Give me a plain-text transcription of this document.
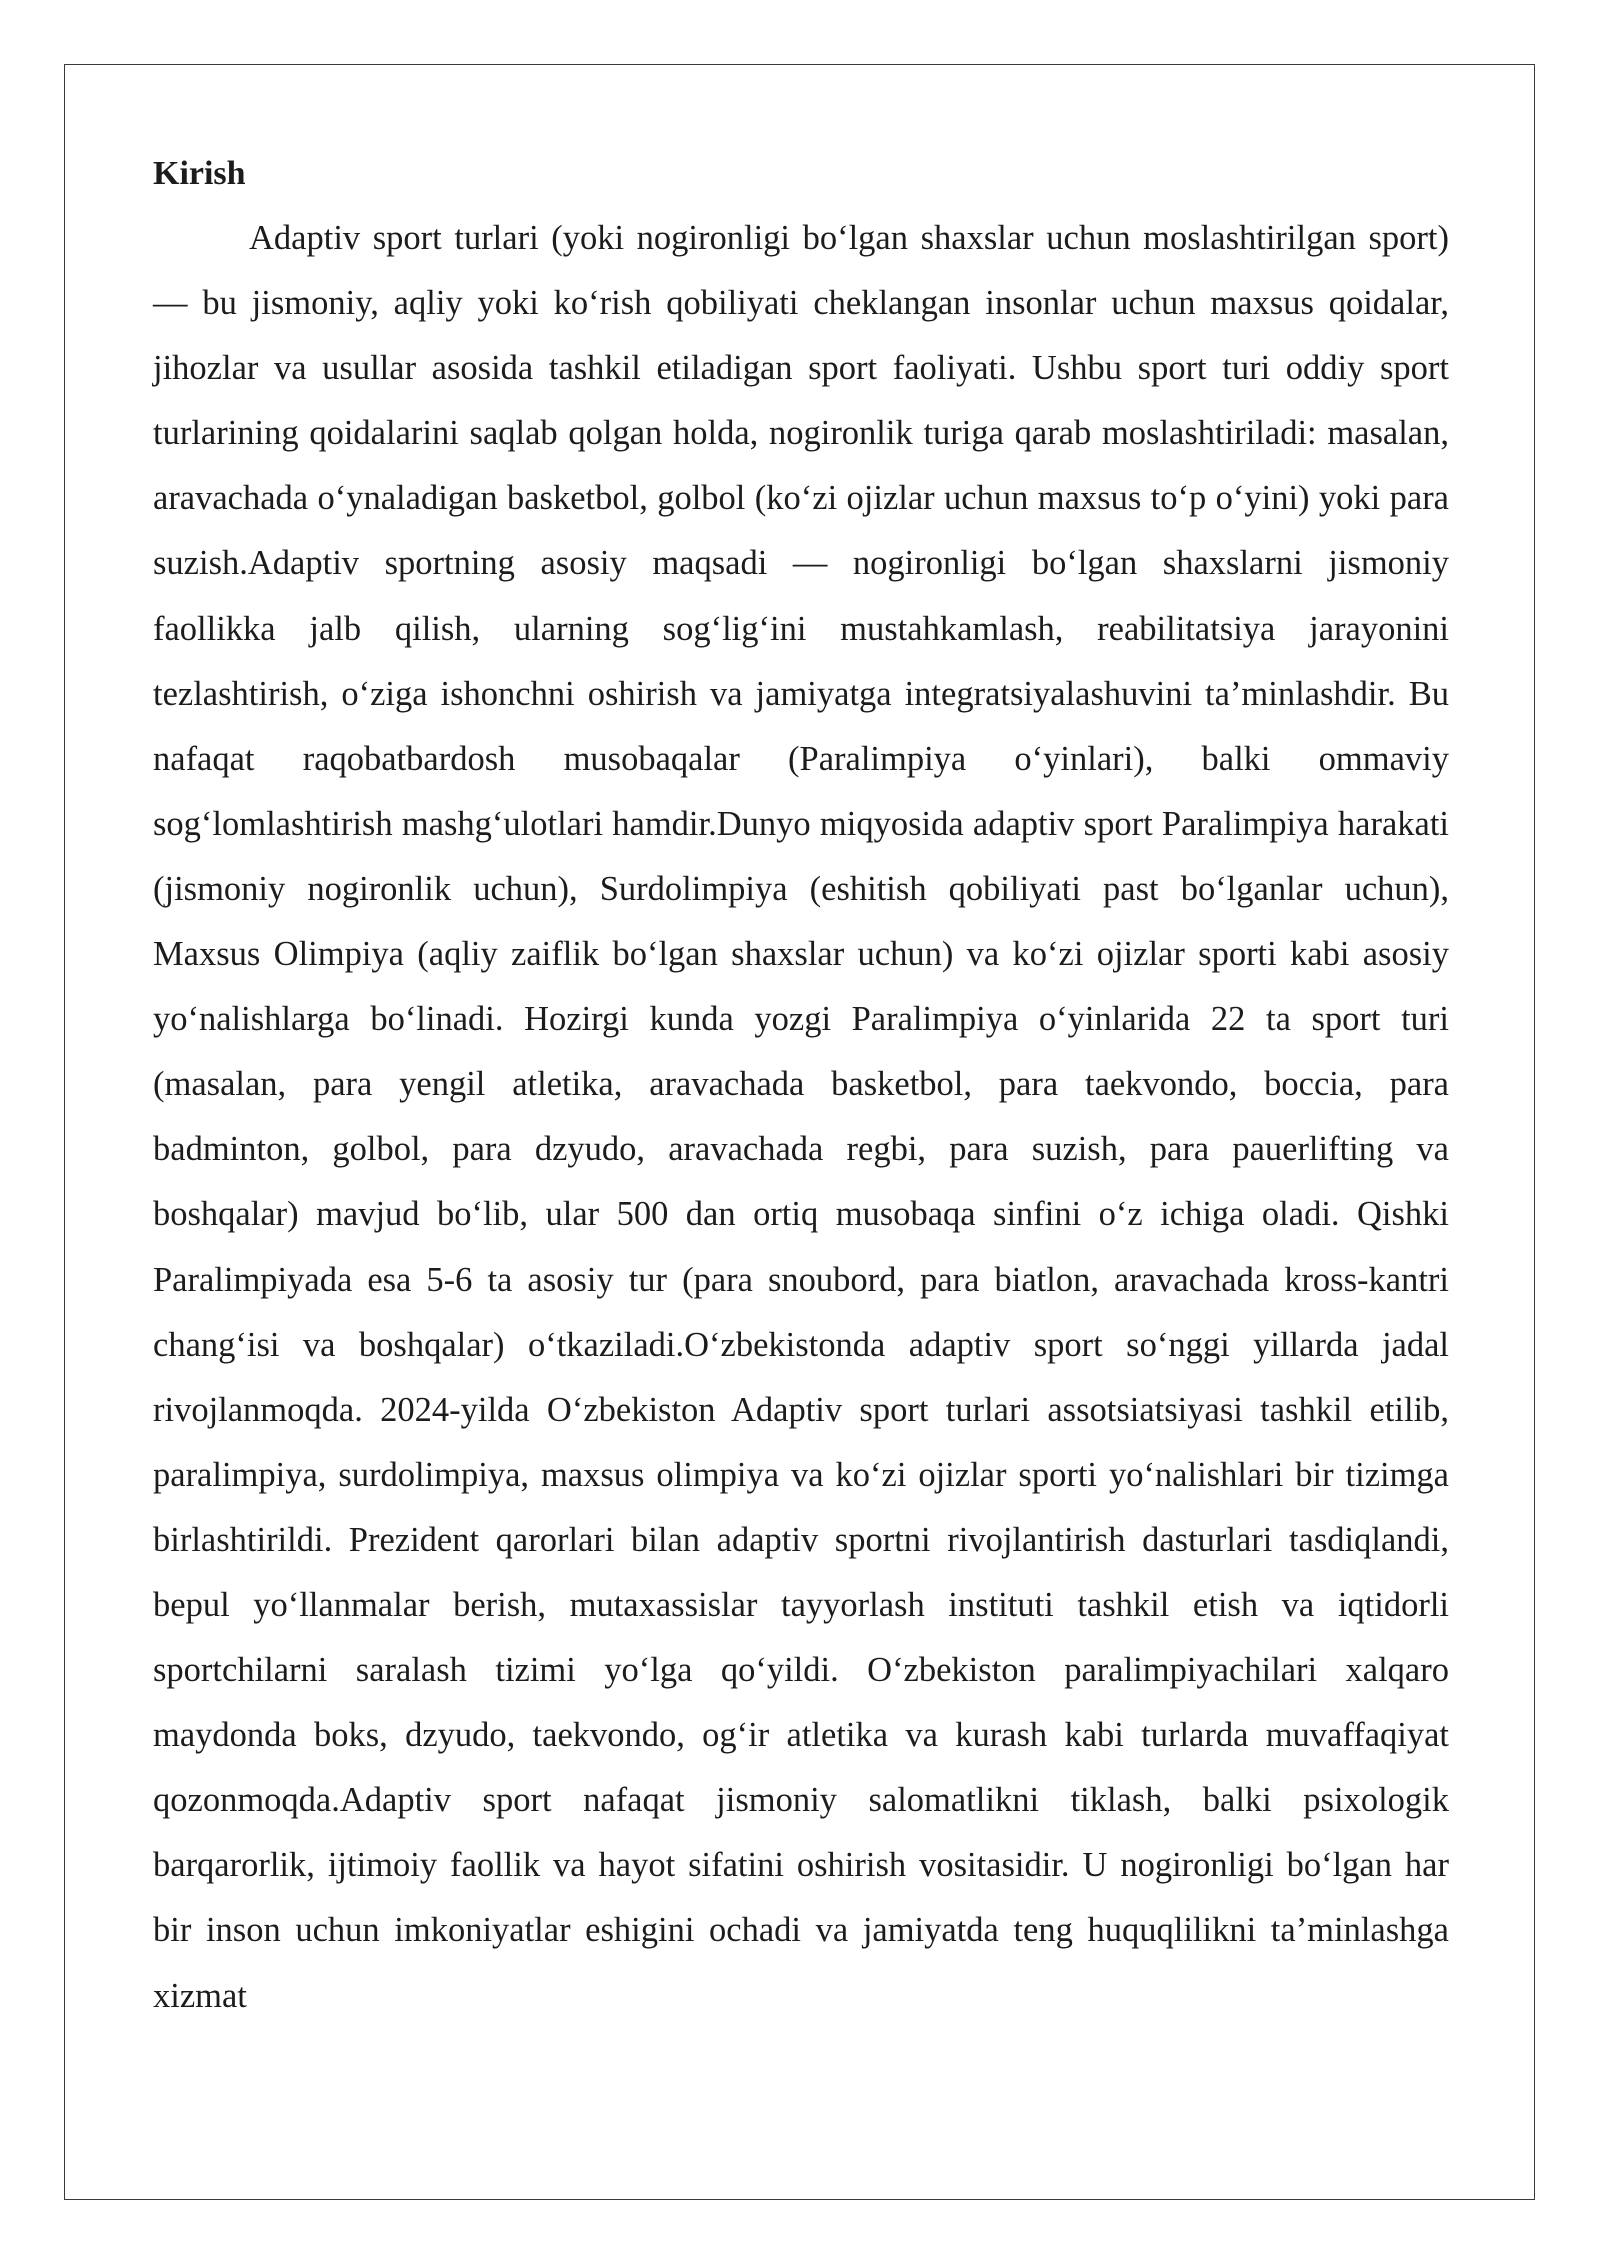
Kirish

Adaptiv sport turlari (yoki nogironligi boʻlgan shaxslar uchun moslashtirilgan sport) — bu jismoniy, aqliy yoki koʻrish qobiliyati cheklangan insonlar uchun maxsus qoidalar, jihozlar va usullar asosida tashkil etiladigan sport faoliyati. Ushbu sport turi oddiy sport turlarining qoidalarini saqlab qolgan holda, nogironlik turiga qarab moslashtiriladi: masalan, aravachada oʻynaladigan basketbol, golbol (koʻzi ojizlar uchun maxsus toʻp oʻyini) yoki para suzish.Adaptiv sportning asosiy maqsadi — nogironligi boʻlgan shaxslarni jismoniy faollikka jalb qilish, ularning sogʻligʻini mustahkamlash, reabilitatsiya jarayonini tezlashtirish, oʻziga ishonchni oshirish va jamiyatga integratsiyalashuvini ta’minlashdir. Bu nafaqat raqobatbardosh musobaqalar (Paralimpiya oʻyinlari), balki ommaviy sogʻlomlashtirish mashgʻulotlari hamdir.Dunyo miqyosida adaptiv sport Paralimpiya harakati (jismoniy nogironlik uchun), Surdolimpiya (eshitish qobiliyati past boʻlganlar uchun), Maxsus Olimpiya (aqliy zaiflik boʻlgan shaxslar uchun) va koʻzi ojizlar sporti kabi asosiy yoʻnalishlarga boʻlinadi. Hozirgi kunda yozgi Paralimpiya oʻyinlarida 22 ta sport turi (masalan, para yengil atletika, aravachada basketbol, para taekvondo, boccia, para badminton, golbol, para dzyudo, aravachada regbi, para suzish, para pauerlifting va boshqalar) mavjud boʻlib, ular 500 dan ortiq musobaqa sinfini oʻz ichiga oladi. Qishki Paralimpiyada esa 5-6 ta asosiy tur (para snoubord, para biatlon, aravachada kross-kantri changʻisi va boshqalar) oʻtkaziladi.Oʻzbekistonda adaptiv sport soʻnggi yillarda jadal rivojlanmoqda. 2024-yilda Oʻzbekiston Adaptiv sport turlari assotsiatsiyasi tashkil etilib, paralimpiya, surdolimpiya, maxsus olimpiya va koʻzi ojizlar sporti yoʻnalishlari bir tizimga birlashtirildi. Prezident qarorlari bilan adaptiv sportni rivojlantirish dasturlari tasdiqlandi, bepul yoʻllanmalar berish, mutaxassislar tayyorlash instituti tashkil etish va iqtidorli sportchilarni saralash tizimi yoʻlga qoʻyildi. Oʻzbekiston paralimpiyachilari xalqaro maydonda boks, dzyudo, taekvondo, ogʻir atletika va kurash kabi turlarda muvaffaqiyat qozonmoqda.Adaptiv sport nafaqat jismoniy salomatlikni tiklash, balki psixologik barqarorlik, ijtimoiy faollik va hayot sifatini oshirish vositasidir. U nogironligi boʻlgan har bir inson uchun imkoniyatlar eshigini ochadi va jamiyatda teng huquqlilikni ta’minlashga xizmat
